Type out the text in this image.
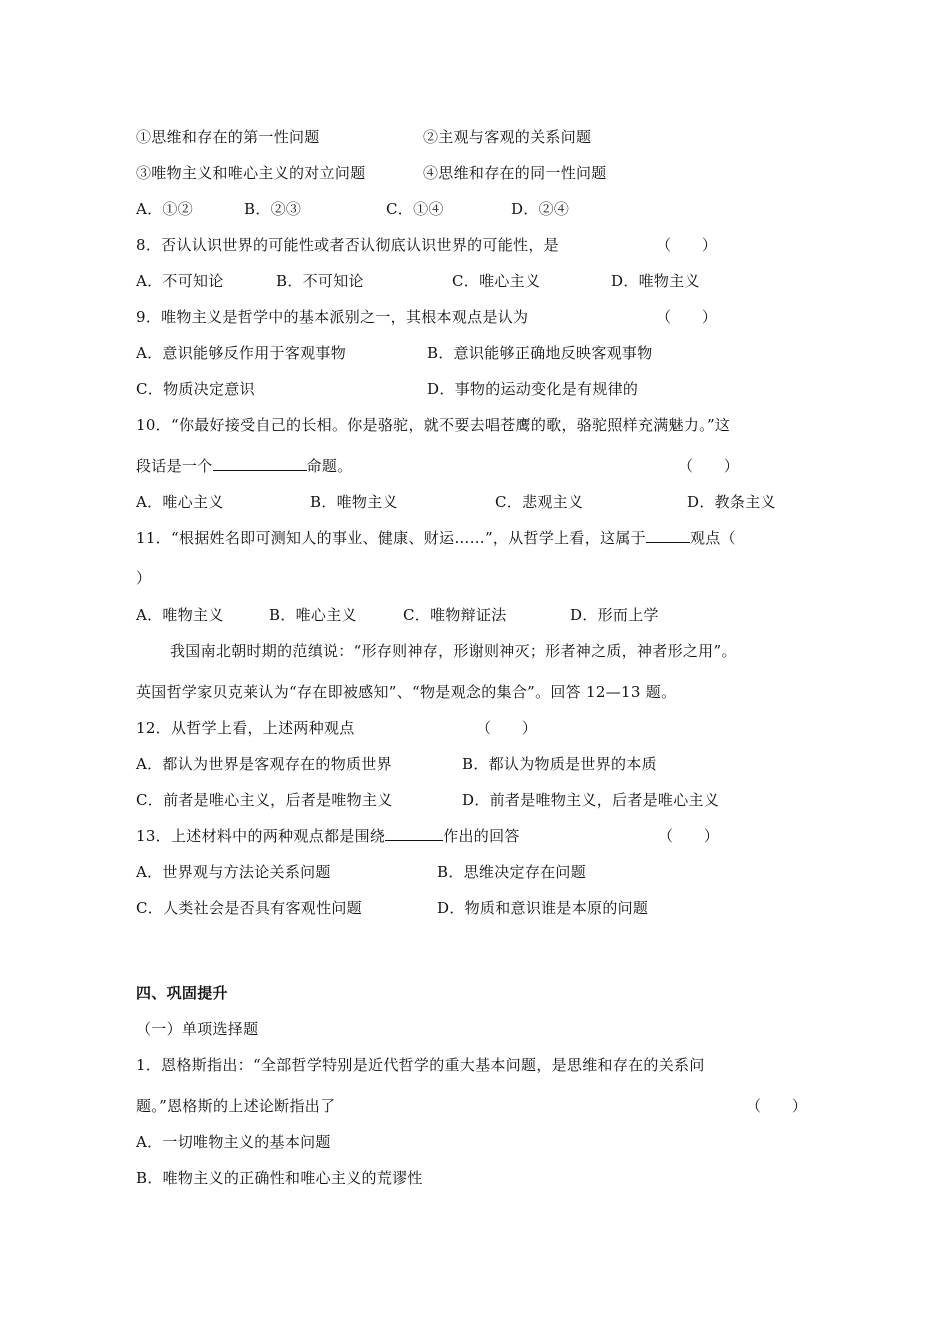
①思维和存在的第一性问题

	②主观与客观的关系问题

③唯物主义和唯心主义的对立问题

	④思维和存在的同一性问题

A．①②

	B．②③

	C．①④

	D．②④

8．否认认识世界的可能性或者否认彻底认识世界的可能性，是

	（　　）

A．不可知论

	B．不可知论

	C．唯心主义

	D．唯物主义

9．唯物主义是哲学中的基本派别之一，其根本观点是认为

	（　　）

A．意识能够反作用于客观事物

	B．意识能够正确地反映客观事物

C．物质决定意识

	D．事物的运动变化是有规律的

10．“你最好接受自己的长相。你是骆驼，就不要去唱苍鹰的歌，骆驼照样充满魅力。”这

段话是一个	命题。

	（　　）

A．唯心主义

	B．唯物主义

	C．悲观主义

	D．教条主义

11．“根据姓名即可测知人的事业、健康、财运……”，从哲学上看，这属于	观点（

）

A．唯物主义

	B．唯心主义

	C．唯物辩证法

	D．形而上学

我国南北朝时期的范缜说：“形存则神存，形谢则神灭；形者神之质，神者形之用”。

英国哲学家贝克莱认为“存在即被感知”、“物是观念的集合”。回答 12—13 题。

12．从哲学上看，上述两种观点

	（　　）

A．都认为世界是客观存在的物质世界

	B．都认为物质是世界的本质

C．前者是唯心主义，后者是唯物主义

	D．前者是唯物主义，后者是唯心主义

13．上述材料中的两种观点都是围绕	作出的回答

	（　　）

A．世界观与方法论关系问题

	B．思维决定存在问题

C．人类社会是否具有客观性问题

	D．物质和意识谁是本原的问题

四、巩固提升

（一）单项选择题

1．恩格斯指出：“全部哲学特别是近代哲学的重大基本问题，是思维和存在的关系问

题。”恩格斯的上述论断指出了

	（　　）

A．一切唯物主义的基本问题

B．唯物主义的正确性和唯心主义的荒谬性
